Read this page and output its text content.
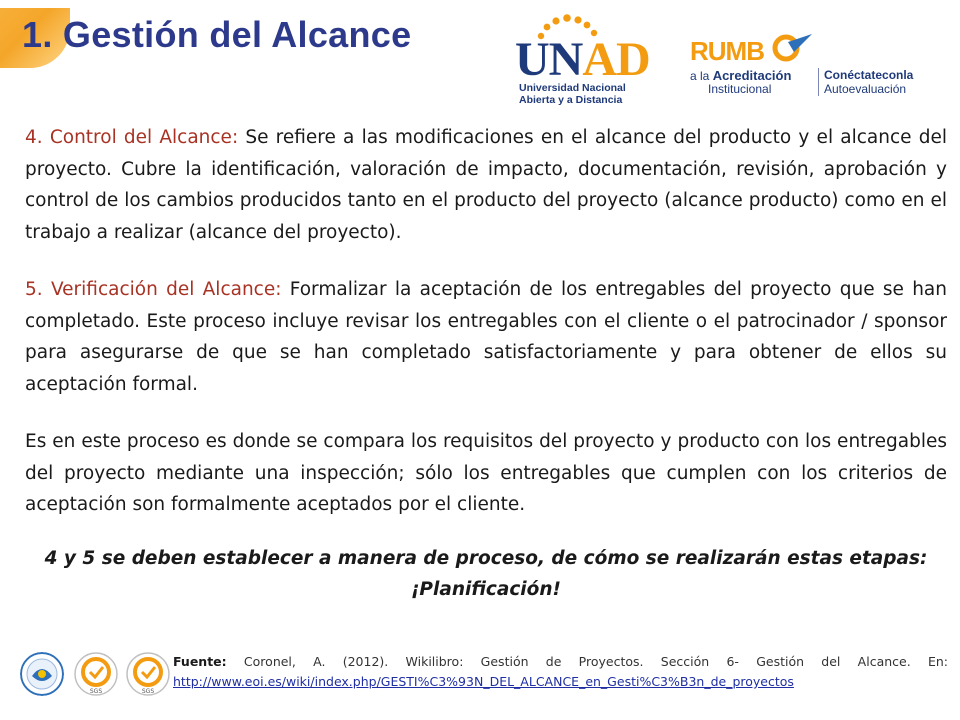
1. Gestión del Alcance UNAD
Universidad Nacional
Abierta y a Distancia
RUMB
a la Acreditación
Institucional
Conéctateconla
Autoevaluación

4. Control del Alcance: Se refiere a las modificaciones en el alcance del producto y el alcance del proyecto. Cubre la identificación, valoración de impacto, documentación, revisión, aprobación y control de los cambios producidos tanto en el producto del proyecto (alcance producto) como en el trabajo a realizar (alcance del proyecto).

5. Verificación del Alcance: Formalizar la aceptación de los entregables del proyecto que se han completado. Este proceso incluye revisar los entregables con el cliente o el patrocinador / sponsor para asegurarse de que se han completado satisfactoriamente y para obtener de ellos su aceptación formal.

Es en este proceso es donde se compara los requisitos del proyecto y producto con los entregables del proyecto mediante una inspección; sólo los entregables que cumplen con los criterios de aceptación son formalmente aceptados por el cliente.

4 y 5 se deben establecer a manera de proceso, de cómo se realizarán estas etapas: ¡Planificación!

SGS	SGS
Fuente: Coronel, A. (2012). Wikilibro: Gestión de Proyectos. Sección 6- Gestión del Alcance. En: http://www.eoi.es/wiki/index.php/GESTI%C3%93N_DEL_ALCANCE_en_Gesti%C3%B3n_de_proyectos
